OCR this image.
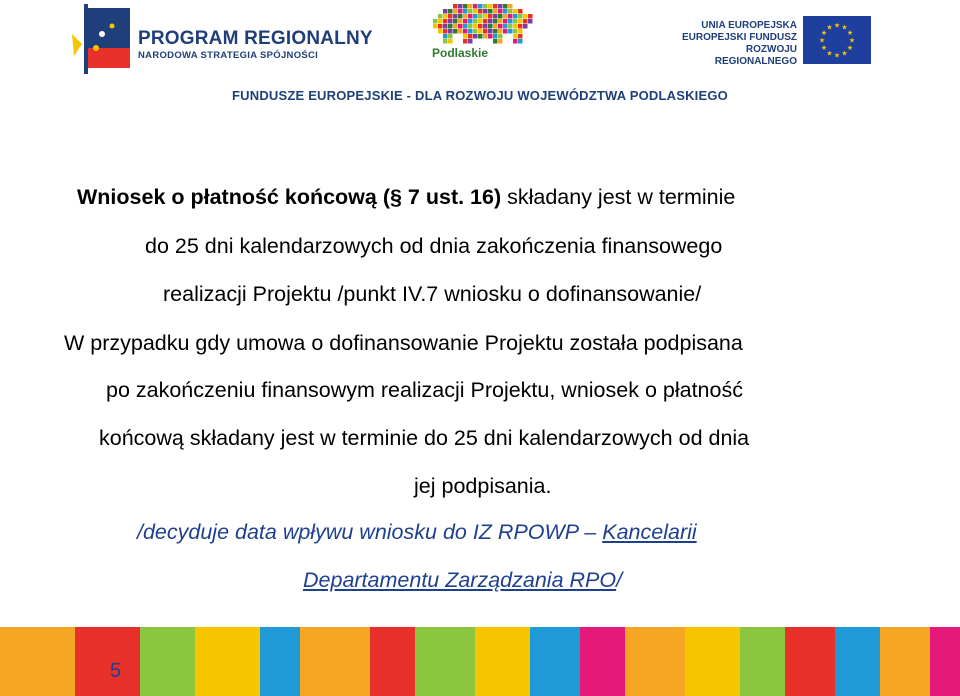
PROGRAM REGIONALNY
NARODOWA STRATEGIA SPÓJNOŚCI	Podlaskie
UNIA EUROPEJSKA
EUROPEJSKI FUNDUSZ
ROZWOJU REGIONALNEGO
★
★
★
★
★
★
★
★
★ ★ ★
★
FUNDUSZE EUROPEJSKIE - DLA ROZWOJU WOJEWÓDZTWA PODLASKIEGO
Wniosek o płatność końcową (§ 7 ust. 16) składany jest w terminie
do 25 dni kalendarzowych od dnia zakończenia finansowego
realizacji Projektu /punkt IV.7 wniosku o dofinansowanie/
W przypadku gdy umowa o dofinansowanie Projektu została podpisana
po zakończeniu finansowym realizacji Projektu, wniosek o płatność
końcową składany jest w terminie do 25 dni kalendarzowych od dnia
jej podpisania.
/decyduje data wpływu wniosku do IZ RPOWP – Kancelarii
Departamentu Zarządzania RPO/
5
